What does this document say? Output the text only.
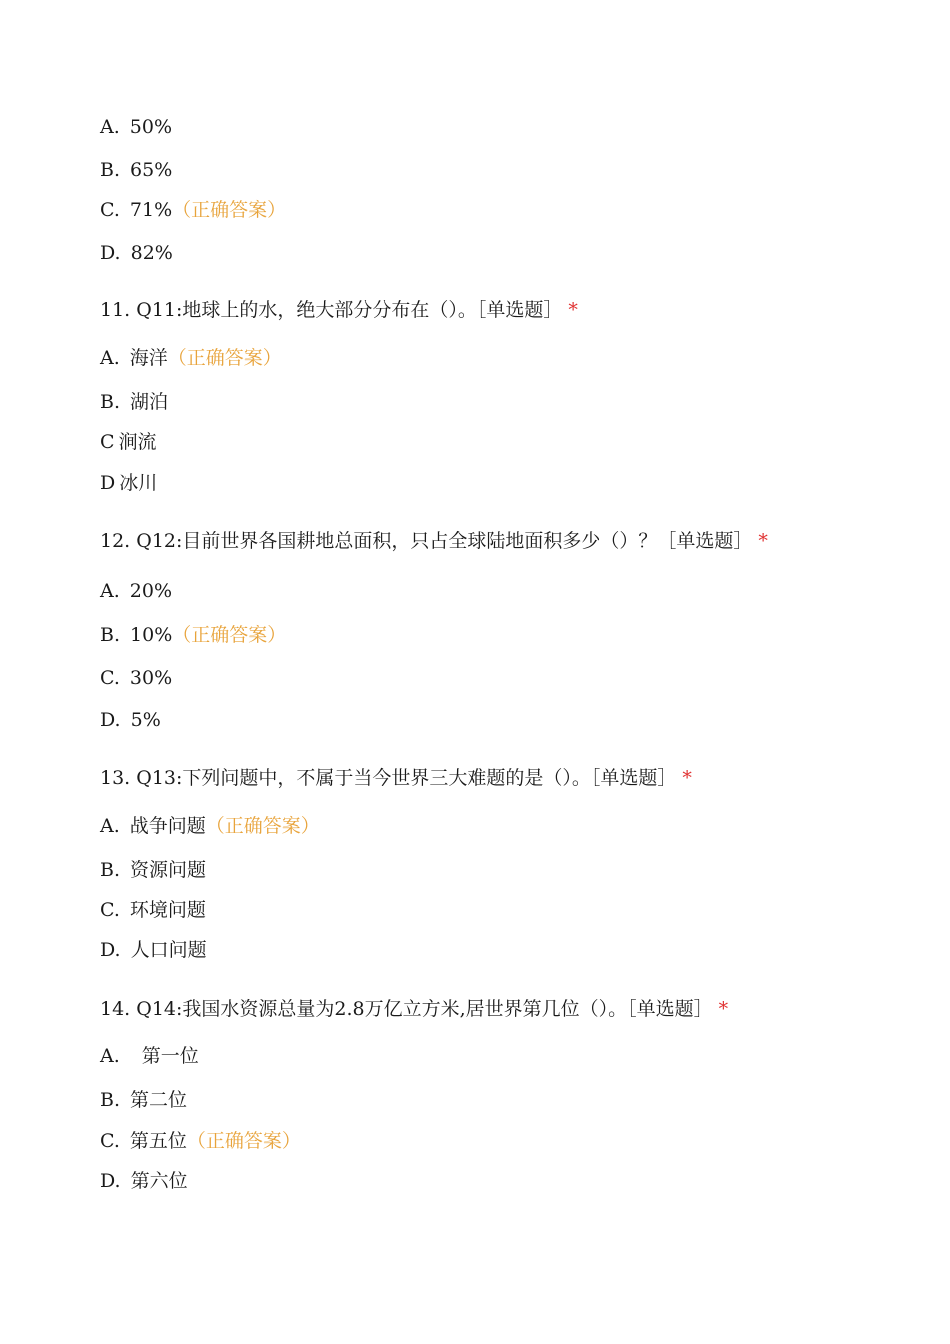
A. 50%
B. 65%
C. 71%（正确答案）
D. 82%
11. Q11:地球上的水，绝大部分分布在（）。［单选题］ *
A. 海洋（正确答案）
B. 湖泊
C 涧流
D 冰川
12. Q12:目前世界各国耕地总面积，只占全球陆地面积多少（）？［单选题］ *
A. 20%
B. 10%（正确答案）
C. 30%
D. 5%
13. Q13:下列问题中，不属于当今世界三大难题的是（）。［单选题］ *
A. 战争问题（正确答案）
B. 资源问题
C. 环境问题
D. 人口问题
14. Q14:我国水资源总量为2.8万亿立方米,居世界第几位（）。［单选题］ *
A. 第一位
B. 第二位
C. 第五位（正确答案）
D. 第六位
